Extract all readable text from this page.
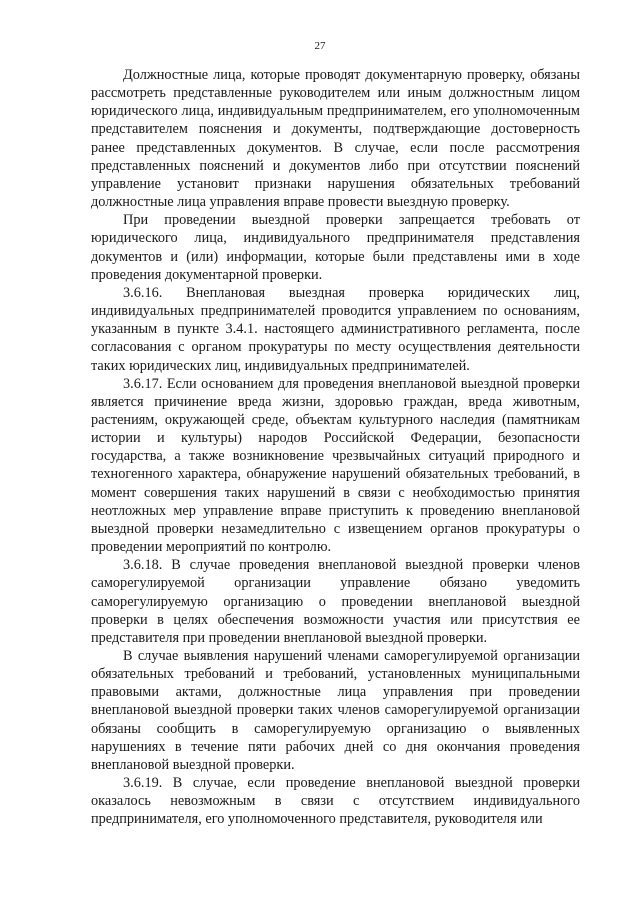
27

Должностные лица, которые проводят документарную проверку, обязаны рассмотреть представленные руководителем или иным должностным лицом юридического лица, индивидуальным предпринимателем, его уполномоченным представителем пояснения и документы, подтверждающие достоверность ранее представленных документов. В случае, если после рассмотрения представленных пояснений и документов либо при отсутствии пояснений управление установит признаки нарушения обязательных требований должностные лица управления вправе провести выездную проверку.

При проведении выездной проверки запрещается требовать от юридического лица, индивидуального предпринимателя представления документов и (или) информации, которые были представлены ими в ходе проведения документарной проверки.

3.6.16. Внеплановая выездная проверка юридических лиц, индивидуальных предпринимателей проводится управлением по основаниям, указанным в пункте 3.4.1. настоящего административного регламента, после согласования с органом прокуратуры по месту осуществления деятельности таких юридических лиц, индивидуальных предпринимателей.

3.6.17. Если основанием для проведения внеплановой выездной проверки является причинение вреда жизни, здоровью граждан, вреда животным, растениям, окружающей среде, объектам культурного наследия (памятникам истории и культуры) народов Российской Федерации, безопасности государства, а также возникновение чрезвычайных ситуаций природного и техногенного характера, обнаружение нарушений обязательных требований, в момент совершения таких нарушений в связи с необходимостью принятия неотложных мер управление вправе приступить к проведению внеплановой выездной проверки незамедлительно с извещением органов прокуратуры о проведении мероприятий по контролю.

3.6.18. В случае проведения внеплановой выездной проверки членов саморегулируемой организации управление обязано уведомить саморегулируемую организацию о проведении внеплановой выездной проверки в целях обеспечения возможности участия или присутствия ее представителя при проведении внеплановой выездной проверки.

В случае выявления нарушений членами саморегулируемой организации обязательных требований и требований, установленных муниципальными правовыми актами, должностные лица управления при проведении внеплановой выездной проверки таких членов саморегулируемой организации обязаны сообщить в саморегулируемую организацию о выявленных нарушениях в течение пяти рабочих дней со дня окончания проведения внеплановой выездной проверки.

3.6.19. В случае, если проведение внеплановой выездной проверки оказалось невозможным в связи с отсутствием индивидуального предпринимателя, его уполномоченного представителя, руководителя или
